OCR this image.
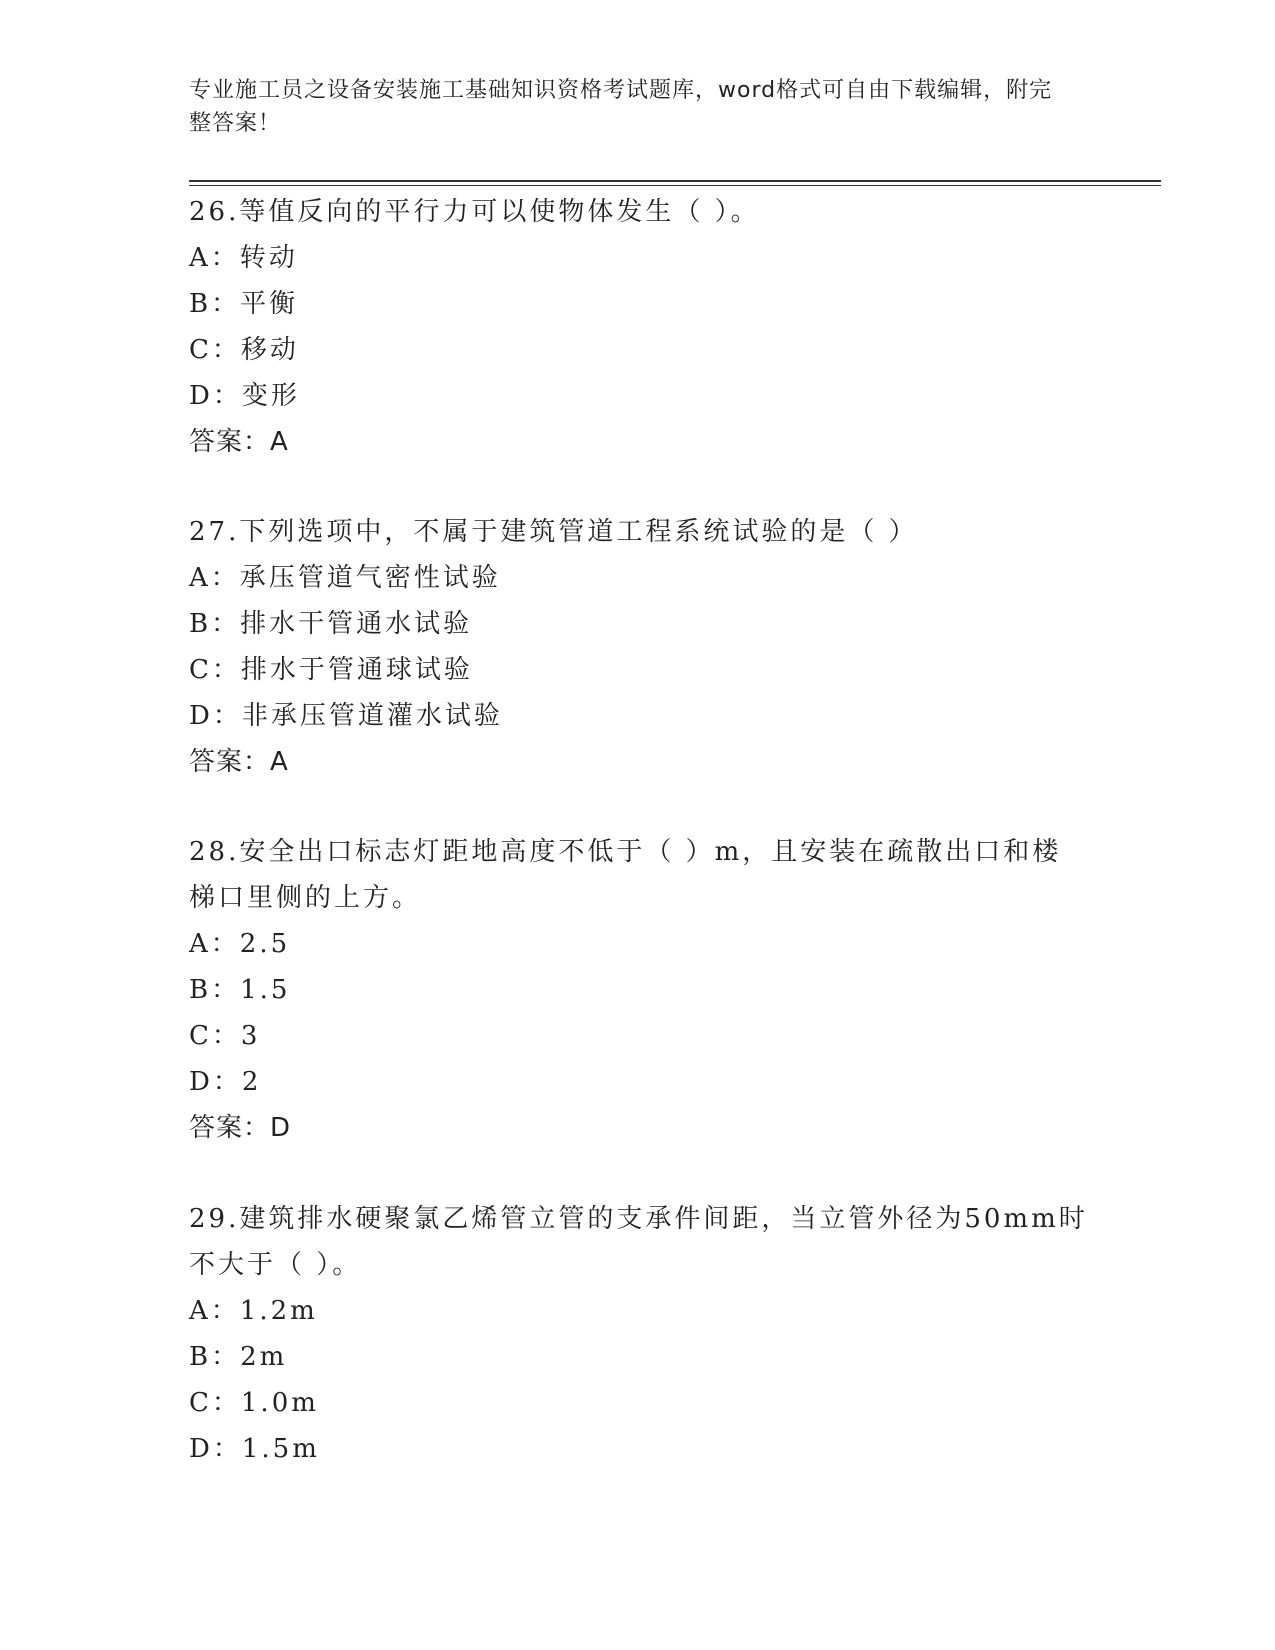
专业施工员之设备安装施工基础知识资格考试题库，word格式可自由下载编辑，附完整答案！

26.等值反向的平行力可以使物体发生（ ）。

A：转动

B：平衡

C：移动

D：变形

答案：A

27.下列选项中，不属于建筑管道工程系统试验的是（ ）

A：承压管道气密性试验

B：排水干管通水试验

C：排水于管通球试验

D：非承压管道灌水试验

答案：A

28.安全出口标志灯距地高度不低于（ ）m，且安装在疏散出口和楼梯口里侧的上方。

A：2.5

B：1.5

C：3

D：2

答案：D

29.建筑排水硬聚氯乙烯管立管的支承件间距，当立管外径为50mm时不大于（ ）。

A：1.2m

B：2m

C：1.0m

D：1.5m
